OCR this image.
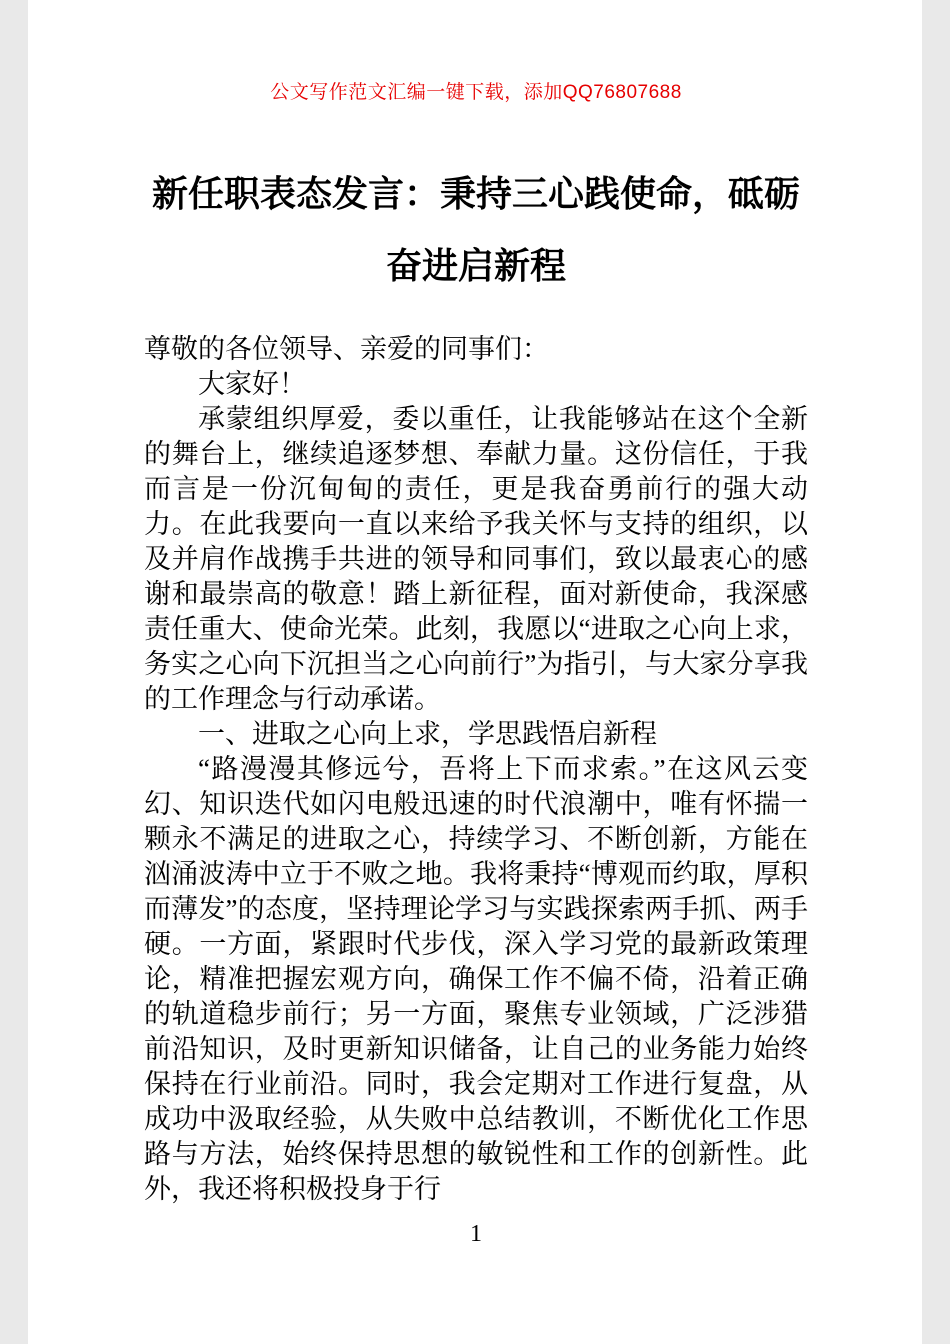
公文写作范文汇编一键下载，添加QQ76807688
新任职表态发言：秉持三心践使命，砥砺奋进启新程

尊敬的各位领导、亲爱的同事们：

大家好！

承蒙组织厚爱，委以重任，让我能够站在这个全新的舞台上，继续追逐梦想、奉献力量。这份信任，于我而言是一份沉甸甸的责任，更是我奋勇前行的强大动力。在此我要向一直以来给予我关怀与支持的组织，以及并肩作战携手共进的领导和同事们，致以最衷心的感谢和最崇高的敬意！踏上新征程，面对新使命，我深感责任重大、使命光荣。此刻，我愿以“进取之心向上求，务实之心向下沉担当之心向前行”为指引，与大家分享我的工作理念与行动承诺。

一、进取之心向上求，学思践悟启新程

“路漫漫其修远兮，吾将上下而求索。”在这风云变幻、知识迭代如闪电般迅速的时代浪潮中，唯有怀揣一颗永不满足的进取之心，持续学习、不断创新，方能在汹涌波涛中立于不败之地。我将秉持“博观而约取，厚积而薄发”的态度，坚持理论学习与实践探索两手抓、两手硬。一方面，紧跟时代步伐，深入学习党的最新政策理论，精准把握宏观方向，确保工作不偏不倚，沿着正确的轨道稳步前行；另一方面，聚焦专业领域，广泛涉猎前沿知识，及时更新知识储备，让自己的业务能力始终保持在行业前沿。同时，我会定期对工作进行复盘，从成功中汲取经验，从失败中总结教训，不断优化工作思路与方法，始终保持思想的敏锐性和工作的创新性。此外，我还将积极投身于行

1
